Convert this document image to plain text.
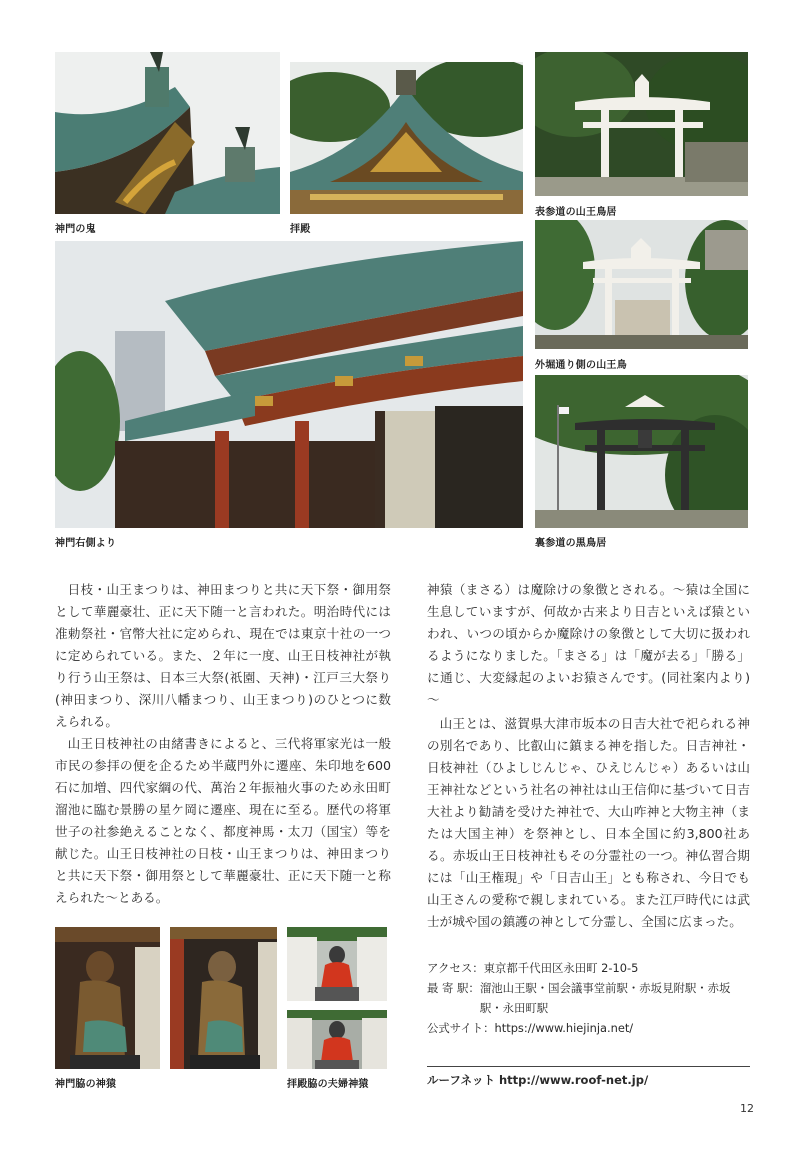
神門の鬼	拝殿
表参道の山王鳥居
神門右側より
外堀通り側の山王鳥
裏参道の黒鳥居

日枝・山王まつりは、神田まつりと共に天下祭・御用祭として華麗豪壮、正に天下随一と言われた。明治時代には准勅祭社・官幣大社に定められ、現在では東京十社の一つに定められている。また、２年に一度、山王日枝神社が執り行う山王祭は、日本三大祭(祇園、天神)・江戸三大祭り(神田まつり、深川八幡まつり、山王まつり)のひとつに数えられる。

山王日枝神社の由緒書きによると、三代将軍家光は一般市民の参拝の便を企るため半蔵門外に遷座、朱印地を600石に加増、四代家綱の代、萬治２年振袖火事のため永田町溜池に臨む景勝の星ケ岡に遷座、現在に至る。歴代の将軍世子の社参絶えることなく、都度神馬・太刀（国宝）等を献じた。山王日枝神社の日枝・山王まつりは、神田まつりと共に天下祭・御用祭として華麗豪壮、正に天下随一と称えられた〜とある。

神猿（まさる）は魔除けの象徴とされる。〜猿は全国に生息していますが、何故か古来より日吉といえば猿といわれ、いつの頃からか魔除けの象徴として大切に扱われるようになりました。「まさる」は「魔が去る」「勝る」に通じ、大変縁起のよいお猿さんです。(同社案内より) 〜

山王とは、滋賀県大津市坂本の日吉大社で祀られる神の別名であり、比叡山に鎮まる神を指した。日吉神社・日枝神社（ひよしじんじゃ、ひえじんじゃ）あるいは山王神社などという社名の神社は山王信仰に基づいて日吉大社より勧請を受けた神社で、大山咋神と大物主神（または大国主神）を祭神とし、日本全国に約3,800社ある。赤坂山王日枝神社もその分霊社の一つ。神仏習合期には「山王権現」や「日吉山王」とも称され、今日でも山王さんの愛称で親しまれている。また江戸時代には武士が城や国の鎮護の神として分霊し、全国に広まった。

アクセス： 東京都千代田区永田町 2-10-5
最 寄 駅： 溜池山王駅・国会議事堂前駅・赤坂見附駅・赤坂駅・永田町駅
公式サイト： https://www.hiejinja.net/
神門脇の神猿	拝殿脇の夫婦神猿	ルーフネット http://www.roof-net.jp/
12
